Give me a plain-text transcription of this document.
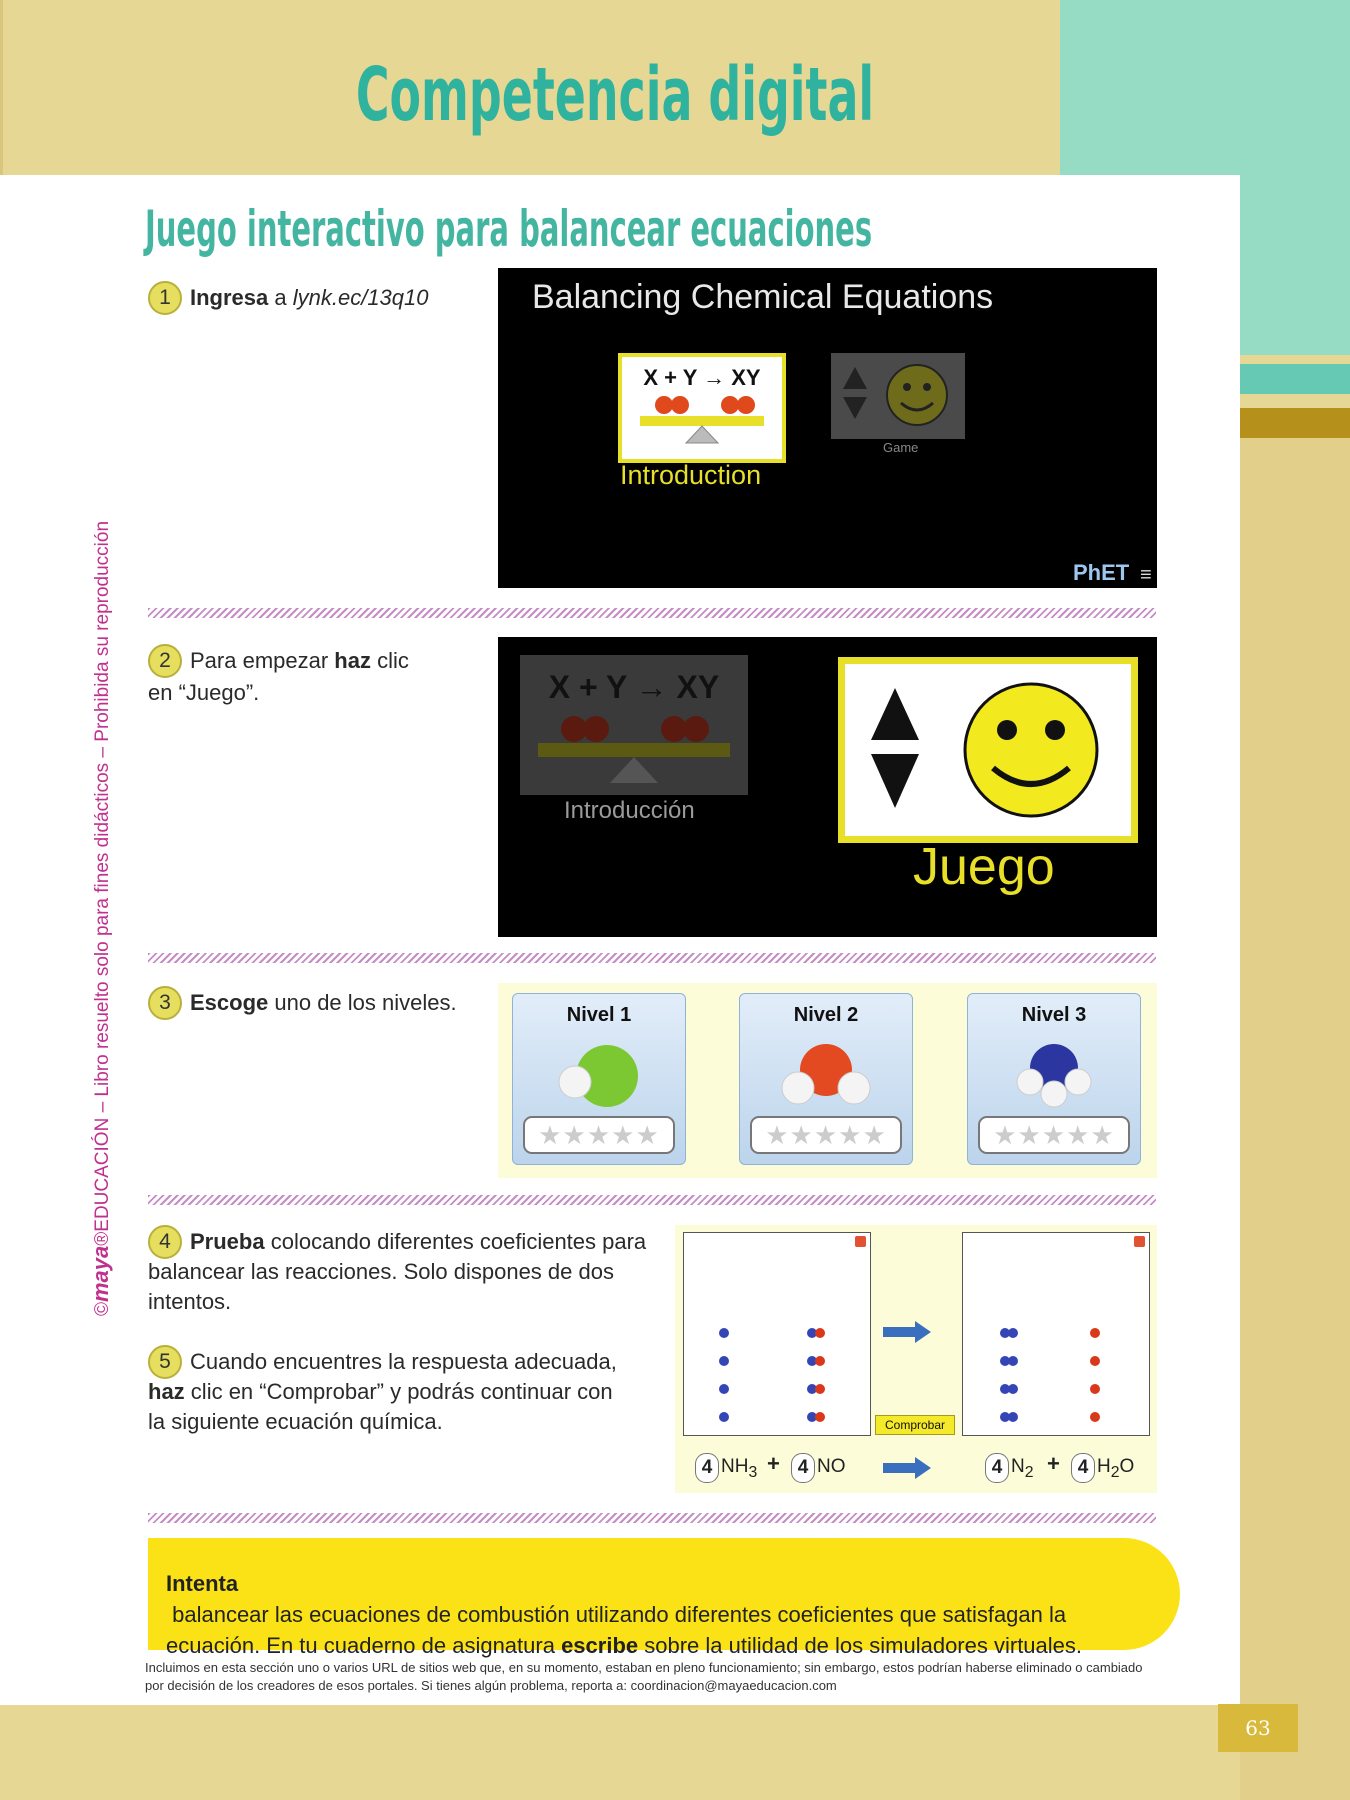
Competencia digital
Juego interactivo para balancear ecuaciones
©maya®EDUCACIÓN – Libro resuelto solo para fines didácticos – Prohibida su reproducción
1 Ingresa a lynk.ec/13q10	Balancing Chemical Equations
X + Y → XY
Introduction
Game
PhET ≡
2 Para empezar haz clic
en “Juego”.	X + Y → XY
Introducción
Juego
3 Escoge uno de los niveles.	Nivel 1
★★★★★
Nivel 2
★★★★★
Nivel 3
★★★★★
4 Prueba colocando diferentes coeficientes para
balancear las reacciones. Solo dispones de dos
intentos.
5 Cuando encuentres la respuesta adecuada,
haz clic en “Comprobar” y podrás continuar con
la siguiente ecuación química.	Comprobar
4 $NH_3 + 4$ NO	4 $N_2 + 4$ $H_2O$
Intenta balancear las ecuaciones de combustión utilizando diferentes coeficientes que satisfagan la
ecuación. En tu cuaderno de asignatura escribe sobre la utilidad de los simuladores virtuales.
Incluimos en esta sección uno o varios URL de sitios web que, en su momento, estaban en pleno funcionamiento; sin embargo, estos podrían haberse eliminado o cambiado
por decisión de los creadores de esos portales. Si tienes algún problema, reporta a: coordinacion@mayaeducacion.com
63
